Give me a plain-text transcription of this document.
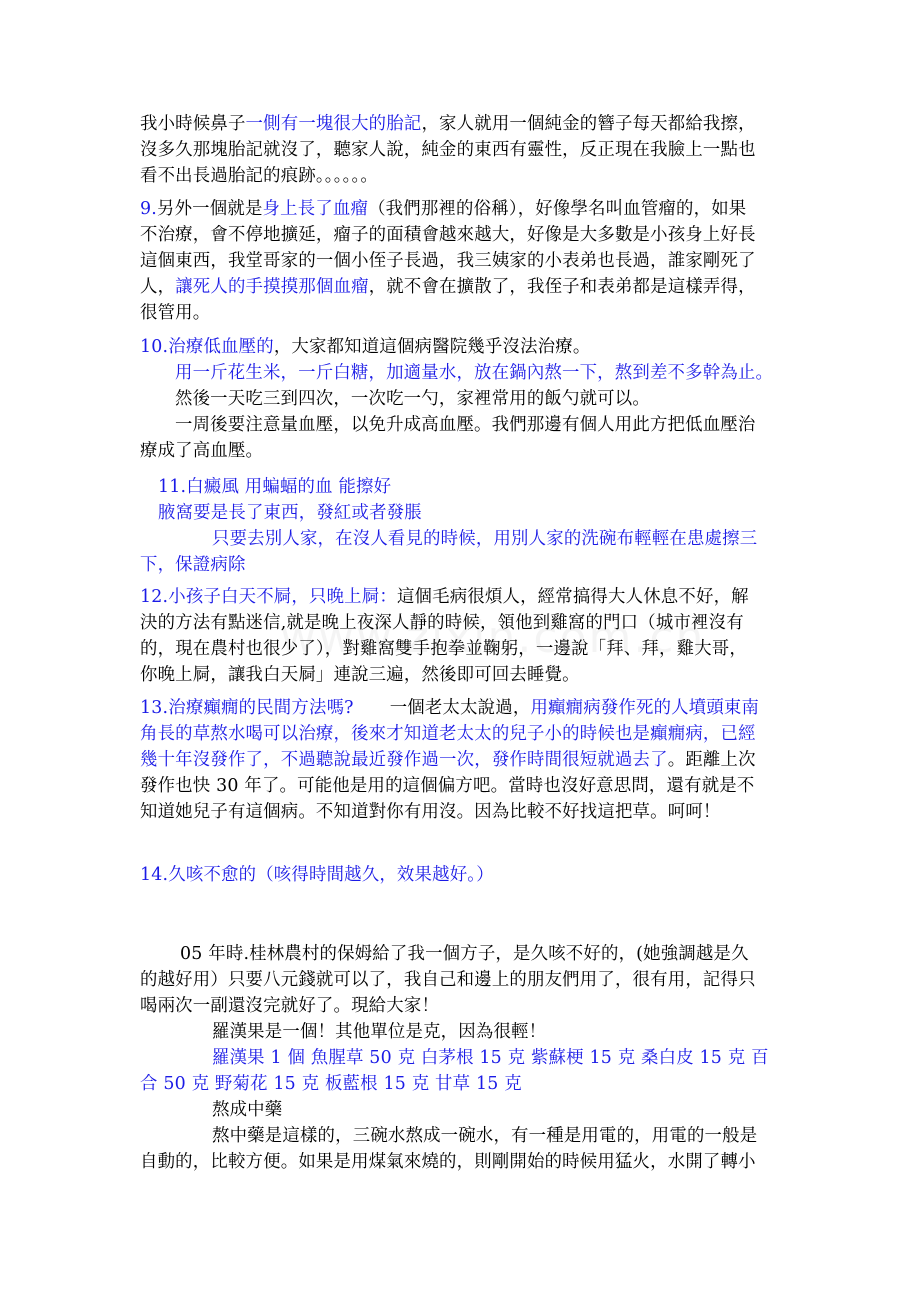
我小時候鼻子一側有一塊很大的胎記，家人就用一個純金的簪子每天都給我擦，
沒多久那塊胎記就沒了，聽家人說，純金的東西有靈性，反正現在我臉上一點也
看不出長過胎記的痕跡。。。。。。
9.另外一個就是身上長了血瘤（我們那裡的俗稱），好像學名叫血管瘤的，如果
不治療，會不停地擴延，瘤子的面積會越來越大，好像是大多數是小孩身上好長
這個東西，我堂哥家的一個小侄子長過，我三姨家的小表弟也長過，誰家剛死了
人，讓死人的手摸摸那個血瘤，就不會在擴散了，我侄子和表弟都是這樣弄得，
很管用。
10.治療低血壓的，大家都知道這個病醫院幾乎沒法治療。
用一斤花生米，一斤白糖，加適量水，放在鍋內熬一下，熬到差不多幹為止。
然後一天吃三到四次，一次吃一勺，家裡常用的飯勺就可以。
一周後要注意量血壓，以免升成高血壓。我們那邊有個人用此方把低血壓治
療成了高血壓。
11.白癜風 用蝙蝠的血 能擦好
腋窩要是長了東西，發紅或者發脹
只要去別人家，在沒人看見的時候，用別人家的洗碗布輕輕在患處擦三
下，保證病除
12.小孩子白天不屙，只晚上屙：這個毛病很煩人，經常搞得大人休息不好，解
決的方法有點迷信,就是晚上夜深人靜的時候，領他到雞窩的門口（城市裡沒有
的，現在農村也很少了），對雞窩雙手抱拳並鞠躬，一邊說「拜、拜，雞大哥，
你晚上屙，讓我白天屙」連說三遍，然後即可回去睡覺。
13.治療癲癇的民間方法嗎? 一個老太太說過，用癲癇病發作死的人墳頭東南
角長的草熬水喝可以治療，後來才知道老太太的兒子小的時候也是癲癇病，已經
幾十年沒發作了，不過聽說最近發作過一次，發作時間很短就過去了。距離上次
發作也快 30 年了。可能他是用的這個偏方吧。當時也沒好意思問，還有就是不
知道她兒子有這個病。不知道對你有用沒。因為比較不好找這把草。呵呵！
14.久咳不愈的（咳得時間越久，效果越好。）
05 年時.桂林農村的保姆給了我一個方子，是久咳不好的，(她強調越是久
的越好用）只要八元錢就可以了，我自己和邊上的朋友們用了，很有用，記得只
喝兩次一副還沒完就好了。現給大家！
羅漢果是一個！其他單位是克，因為很輕！
羅漢果 1 個 魚腥草 50 克 白茅根 15 克 紫蘇梗 15 克 桑白皮 15 克 百
合 50 克 野菊花 15 克 板藍根 15 克 甘草 15 克
熬成中藥
熬中藥是這樣的，三碗水熬成一碗水，有一種是用電的，用電的一般是
自動的，比較方便。如果是用煤氣來燒的，則剛開始的時候用猛火，水開了轉小
